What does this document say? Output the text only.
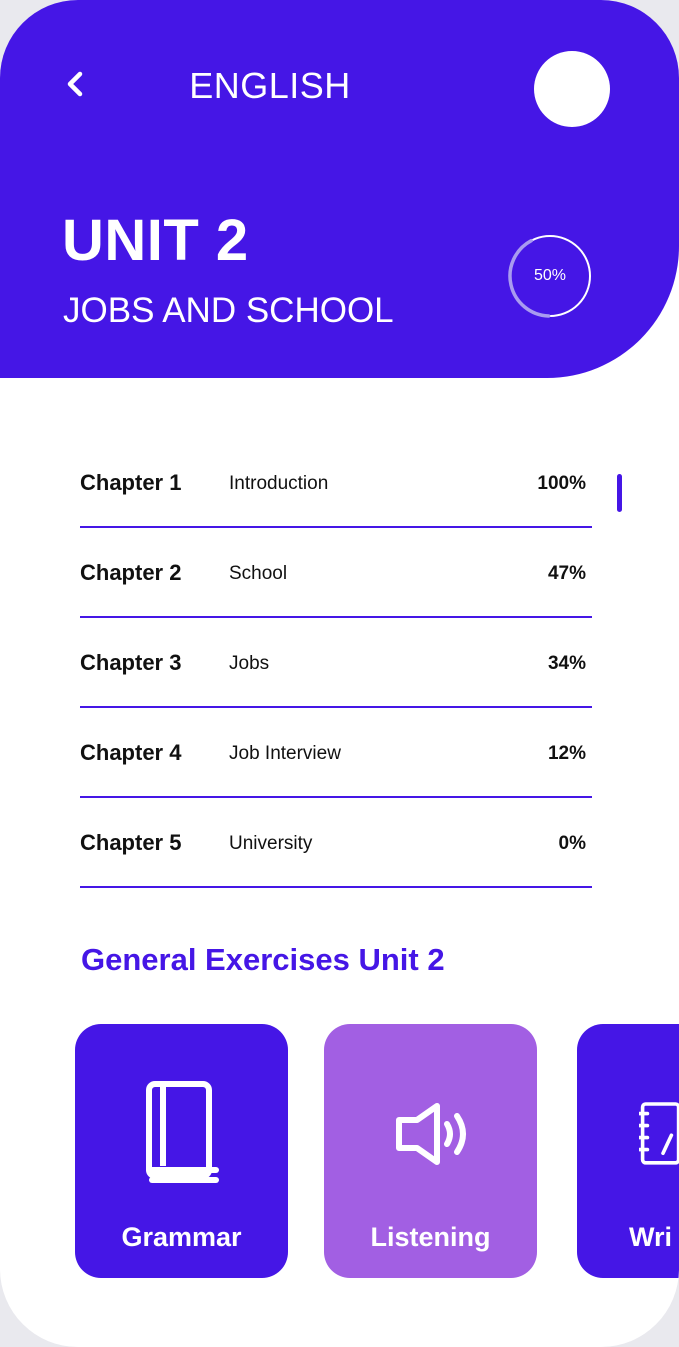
ENGLISH
UNIT 2
JOBS AND SCHOOL
50%
Chapter 1	Introduction	100%
Chapter 2	School	47%
Chapter 3	Jobs	34%
Chapter 4	Job Interview	12%
Chapter 5	University	0%
General Exercises Unit 2
Grammar	Listening	Wri
